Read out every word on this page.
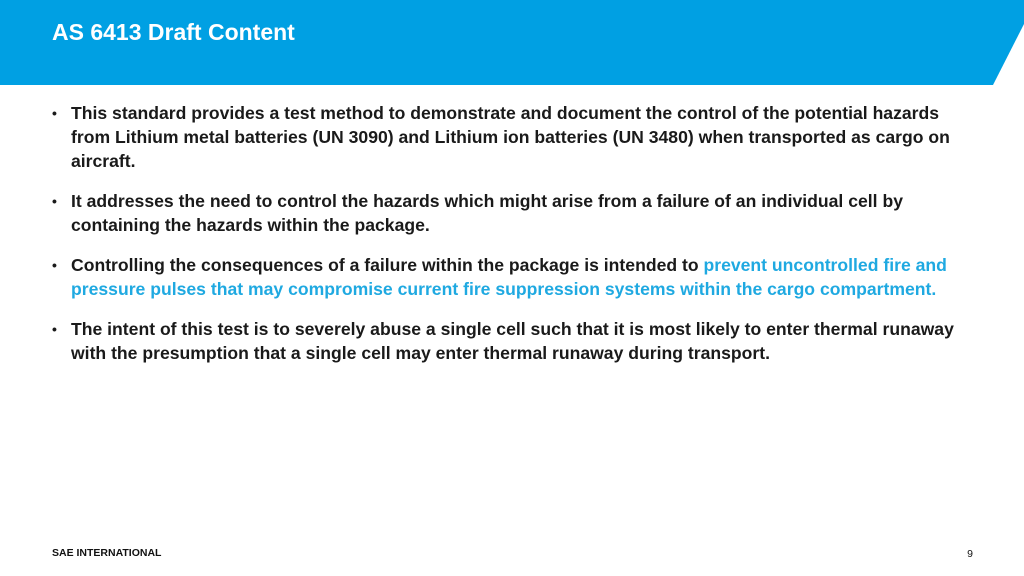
AS 6413 Draft Content
• This standard provides a test method to demonstrate and document the control of the potential hazards from Lithium metal batteries (UN 3090) and Lithium ion batteries (UN 3480) when transported as cargo on aircraft.
• It addresses the need to control the hazards which might arise from a failure of an individual cell by containing the hazards within the package.
• Controlling the consequences of a failure within the package is intended to prevent uncontrolled fire and pressure pulses that may compromise current fire suppression systems within the cargo compartment.
• The intent of this test is to severely abuse a single cell such that it is most likely to enter thermal runaway with the presumption that a single cell may enter thermal runaway during transport.
SAE INTERNATIONAL	9
